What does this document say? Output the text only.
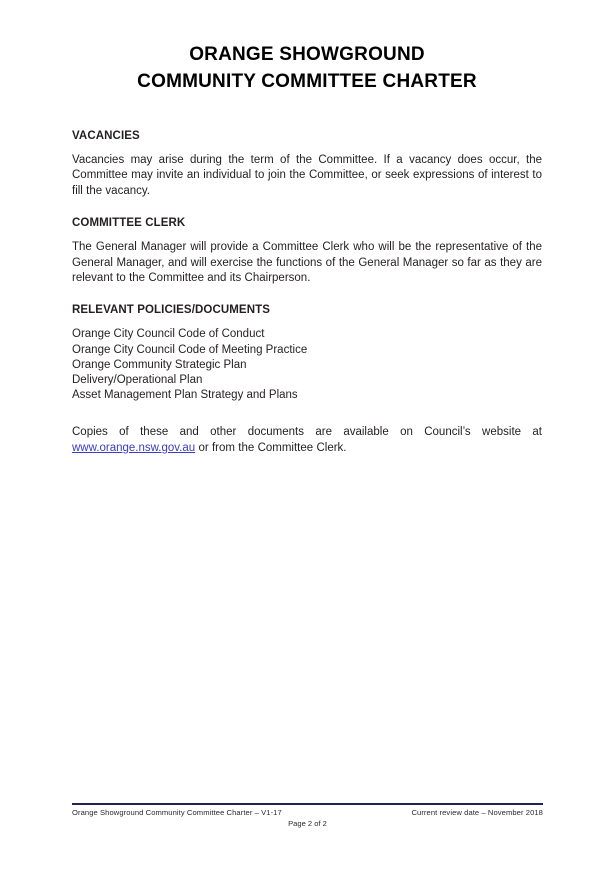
ORANGE SHOWGROUND
COMMUNITY COMMITTEE CHARTER
VACANCIES

Vacancies may arise during the term of the Committee. If a vacancy does occur, the Committee may invite an individual to join the Committee, or seek expressions of interest to fill the vacancy.

COMMITTEE CLERK

The General Manager will provide a Committee Clerk who will be the representative of the General Manager, and will exercise the functions of the General Manager so far as they are relevant to the Committee and its Chairperson.

RELEVANT POLICIES/DOCUMENTS
Orange City Council Code of Conduct
Orange City Council Code of Meeting Practice
Orange Community Strategic Plan
Delivery/Operational Plan
Asset Management Plan Strategy and Plans

Copies of these and other documents are available on Council’s website at www.orange.nsw.gov.au or from the Committee Clerk.

Orange Showground Community Committee Charter – V1-17	Current review date – November 2018
Page 2 of 2
